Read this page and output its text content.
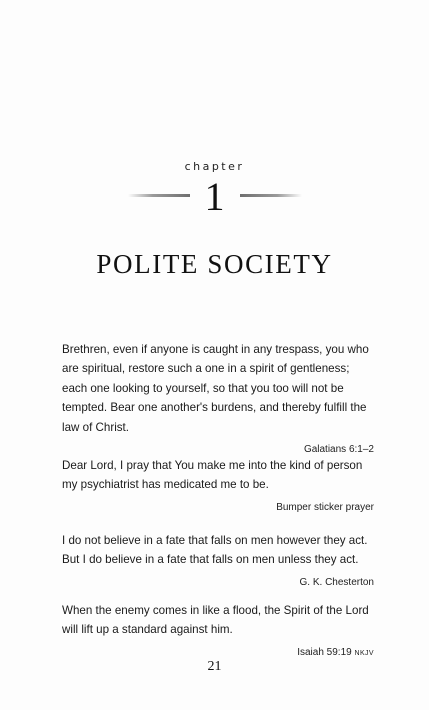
chapter
1
POLITE SOCIETY

Brethren, even if anyone is caught in any trespass, you who are spiritual, restore such a one in a spirit of gentleness; each one looking to yourself, so that you too will not be tempted. Bear one another's burdens, and thereby fulfill the law of Christ.

Galatians 6:1–2

Dear Lord, I pray that You make me into the kind of person my psychiatrist has medicated me to be.

Bumper sticker prayer

I do not believe in a fate that falls on men however they act. But I do believe in a fate that falls on men unless they act.

G. K. Chesterton

When the enemy comes in like a flood, the Spirit of the Lord will lift up a standard against him.

Isaiah 59:19 NKJV
21
